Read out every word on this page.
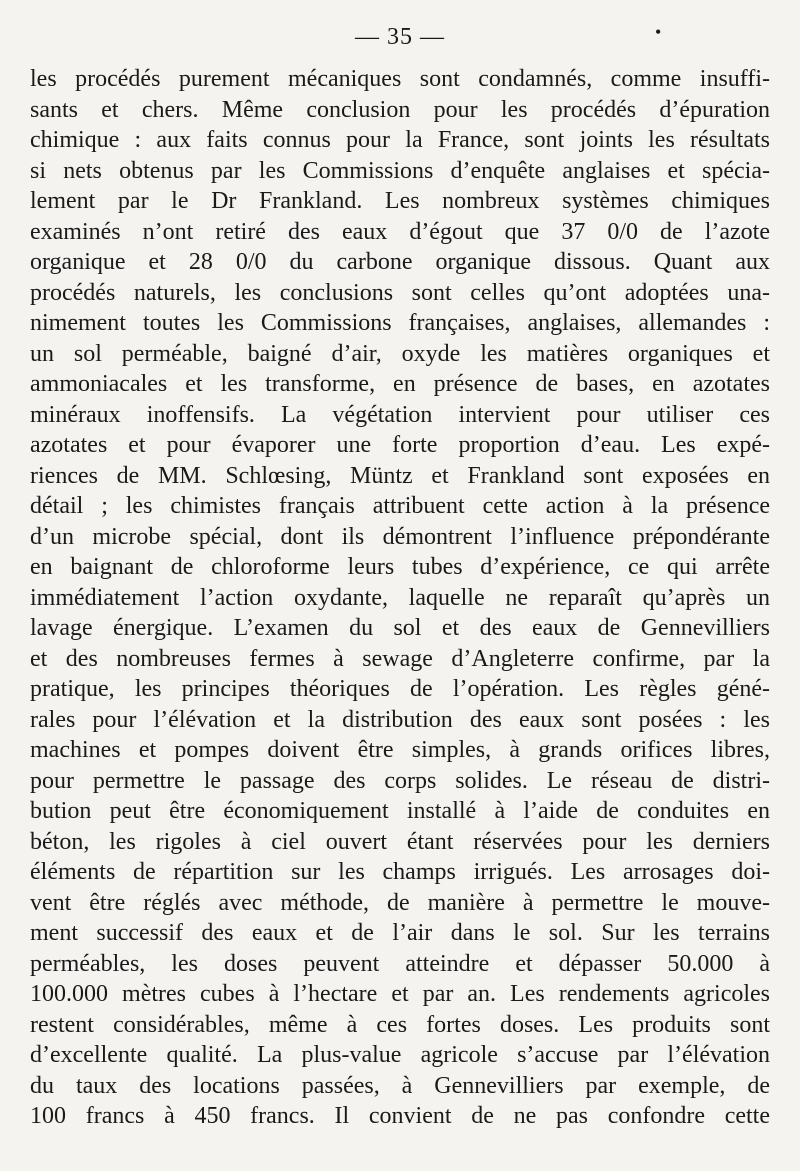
— 35 —	•
les procédés purement mécaniques sont condamnés, comme insuffi-
sants et chers. Même conclusion pour les procédés d’épuration
chimique : aux faits connus pour la France, sont joints les résultats
si nets obtenus par les Commissions d’enquête anglaises et spécia-
lement par le Dr Frankland. Les nombreux systèmes chimiques
examinés n’ont retiré des eaux d’égout que 37 0/0 de l’azote
organique et 28 0/0 du carbone organique dissous. Quant aux
procédés naturels, les conclusions sont celles qu’ont adoptées una-
nimement toutes les Commissions françaises, anglaises, allemandes :
un sol perméable, baigné d’air, oxyde les matières organiques et
ammoniacales et les transforme, en présence de bases, en azotates
minéraux inoffensifs. La végétation intervient pour utiliser ces
azotates et pour évaporer une forte proportion d’eau. Les expé-
riences de MM. Schlœsing, Müntz et Frankland sont exposées en
détail ; les chimistes français attribuent cette action à la présence
d’un microbe spécial, dont ils démontrent l’influence prépondérante
en baignant de chloroforme leurs tubes d’expérience, ce qui arrête
immédiatement l’action oxydante, laquelle ne reparaît qu’après un
lavage énergique. L’examen du sol et des eaux de Gennevilliers
et des nombreuses fermes à sewage d’Angleterre confirme, par la
pratique, les principes théoriques de l’opération. Les règles géné-
rales pour l’élévation et la distribution des eaux sont posées : les
machines et pompes doivent être simples, à grands orifices libres,
pour permettre le passage des corps solides. Le réseau de distri-
bution peut être économiquement installé à l’aide de conduites en
béton, les rigoles à ciel ouvert étant réservées pour les derniers
éléments de répartition sur les champs irrigués. Les arrosages doi-
vent être réglés avec méthode, de manière à permettre le mouve-
ment successif des eaux et de l’air dans le sol. Sur les terrains
perméables, les doses peuvent atteindre et dépasser 50.000 à
100.000 mètres cubes à l’hectare et par an. Les rendements agricoles
restent considérables, même à ces fortes doses. Les produits sont
d’excellente qualité. La plus-value agricole s’accuse par l’élévation
du taux des locations passées, à Gennevilliers par exemple, de
100 francs à 450 francs. Il convient de ne pas confondre cette
